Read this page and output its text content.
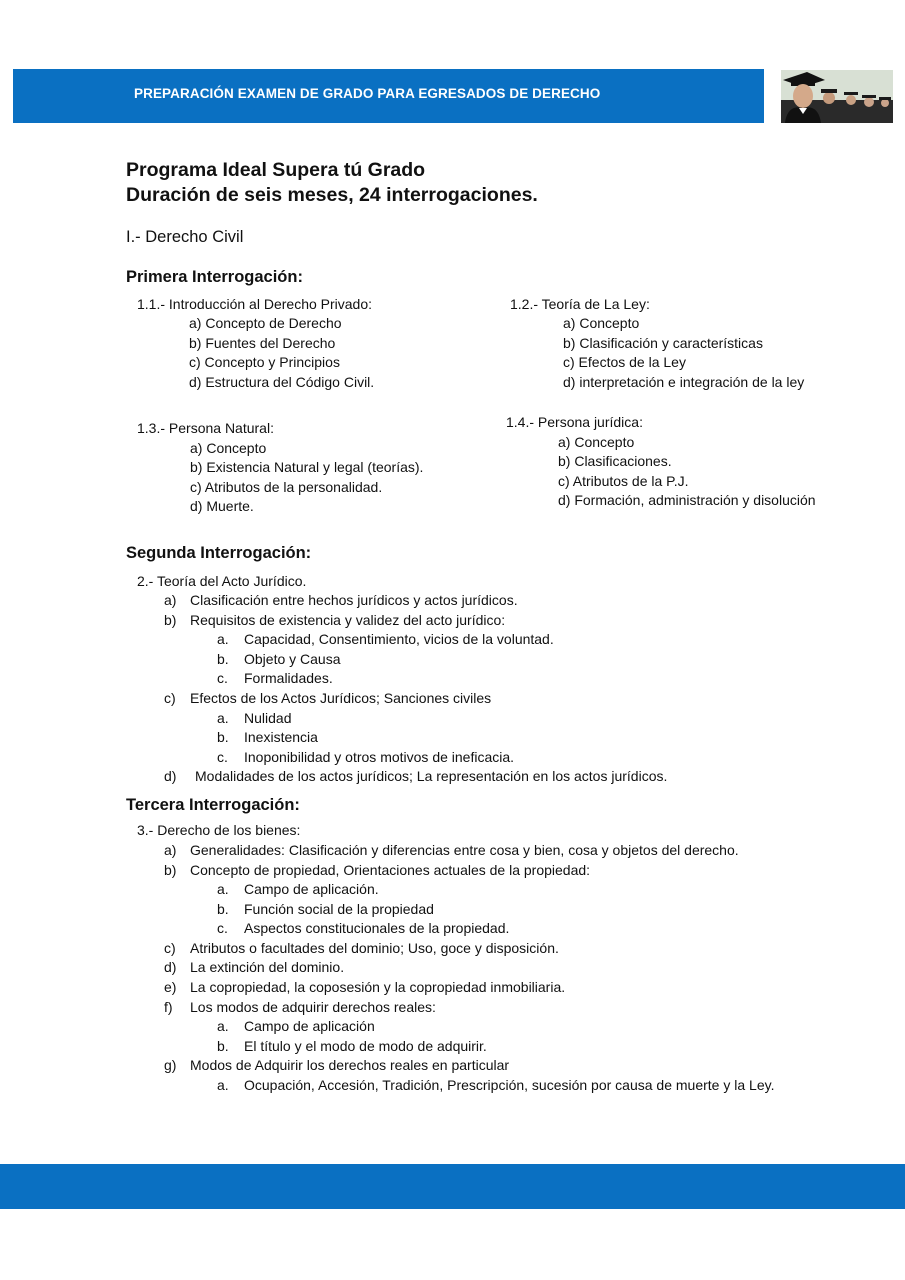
PREPARACIÓN EXAMEN DE GRADO PARA EGRESADOS DE DERECHO
Programa Ideal Supera tú Grado
Duración de seis meses, 24 interrogaciones.
I.- Derecho Civil
Primera Interrogación:
1.1.- Introducción al Derecho Privado:
a) Concepto de Derecho
b) Fuentes del Derecho
c) Concepto y Principios
d) Estructura del Código Civil.
1.2.- Teoría de La Ley:
a) Concepto
b) Clasificación y características
c) Efectos de la Ley
d) interpretación e integración de la ley
1.3.- Persona Natural:
a) Concepto
b) Existencia Natural y legal (teorías).
c) Atributos de la personalidad.
d) Muerte.
1.4.- Persona jurídica:
a) Concepto
b) Clasificaciones.
c) Atributos de la P.J.
d) Formación, administración y disolución
Segunda Interrogación:
2.- Teoría del Acto Jurídico.
a) Clasificación entre hechos jurídicos y actos jurídicos.
b) Requisitos de existencia y validez del acto jurídico:
a. Capacidad, Consentimiento, vicios de la voluntad.
b. Objeto y Causa
c. Formalidades.
c) Efectos de los Actos Jurídicos; Sanciones civiles
a. Nulidad
b. Inexistencia
c. Inoponibilidad y otros motivos de ineficacia.
d) Modalidades de los actos jurídicos; La representación en los actos jurídicos.
Tercera Interrogación:
3.- Derecho de los bienes:
a) Generalidades: Clasificación y diferencias entre cosa y bien, cosa y objetos del derecho.
b) Concepto de propiedad, Orientaciones actuales de la propiedad:
a. Campo de aplicación.
b. Función social de la propiedad
c. Aspectos constitucionales de la propiedad.
c) Atributos o facultades del dominio; Uso, goce y disposición.
d) La extinción del dominio.
e) La copropiedad, la coposesión y la copropiedad inmobiliaria.
f) Los modos de adquirir derechos reales:
a. Campo de aplicación
b. El título y el modo de modo de adquirir.
g) Modos de Adquirir los derechos reales en particular
a. Ocupación, Accesión, Tradición, Prescripción, sucesión por causa de muerte y la Ley.
